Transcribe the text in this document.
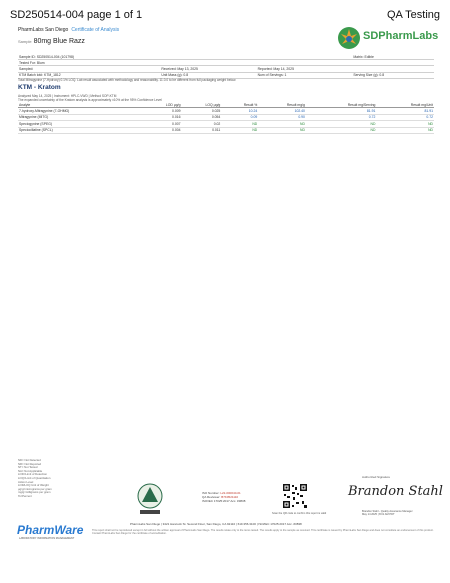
SD250514-004 page 1 of 1	QA Testing
PharmLabs San Diego Certificate of Analysis
Sample 80mg Blue Razz	SDPharmLabs
Sample ID: SD250514-004 (101798)			Matrix: Edible
Tested For: Blum			
Sampled:	Received: May 13, 2025	Reported: May 14, 2025	
KTM Batch lot#: KTM_1812	Unit Mass (g): 0.8	Num of Servings: 1	Serving Size (g): 0.8
Total Mitragynine (7-Hydroxy) 0.1% LOQ. Lab result associated with methodology and reasonability. 11.0.0 to be different from full packaging weight below.
KTM - Kratom
Analyzed May 14, 2025 | Instrument: HPLC-VWD | Method SOP-KTM
The expanded uncertainty of the Kratom analysis is approximately ±10% at the 95% Confidence Level
Analyte	LOD μg/g	LOQ μg/g	Result %	Result mg/g	Result mg/Serving	Result mg/Unit
7-hydroxy-Mitragynine (7-OHMG)	0.009	0.025	10.24	102.40	81.91	81.91
Mitragynine (MITG)	0.016	0.054	0.09	0.90	0.72	0.72
Speciogynine (SPEG)	0.007	0.02	ND	ND	ND	ND
Speciociliatine (SPCL)	0.004	0.011	ND	ND	ND	ND
ND= Not Detected
NR= Not Reported
NT= Not Tested
NA= Not Applicable
LOD=Limit of Detection
LOQ=Limit of Quantitation
Action Level
LOD/LOQ Unit of Weight
μg/g=micrograms per gram
mg/g=milligrams per gram
%=Percent
PharmWare
LABORATORY INFORMATION MANAGEMENT
ISO Number: L22-000040-01
QA Reviewer: B7K0521110
ISO/IEC 17025:2017 Acc. #3838
Scan the QR code to confirm this report is valid
Authorized Signature
Brandon Stahl
Brandon Stahl - Quality Assurance Manager
May 14 2025 | 8:01 AM PDT
PharmLabs San Diego | 3421 Hancock St. Second Floor, San Diego, CA 92110 | 619.356.3100 | ISO/IEC 17025:2017 Acc. #3838
This report shall not be reproduced except in full without the written approval of PharmLabs San Diego. The results relate only to the items tested. The results apply to the sample as received. This certificate is issued by PharmLabs San Diego and does not constitute an endorsement of this product. Contact PharmLabs San Diego for the certificate of accreditation.
